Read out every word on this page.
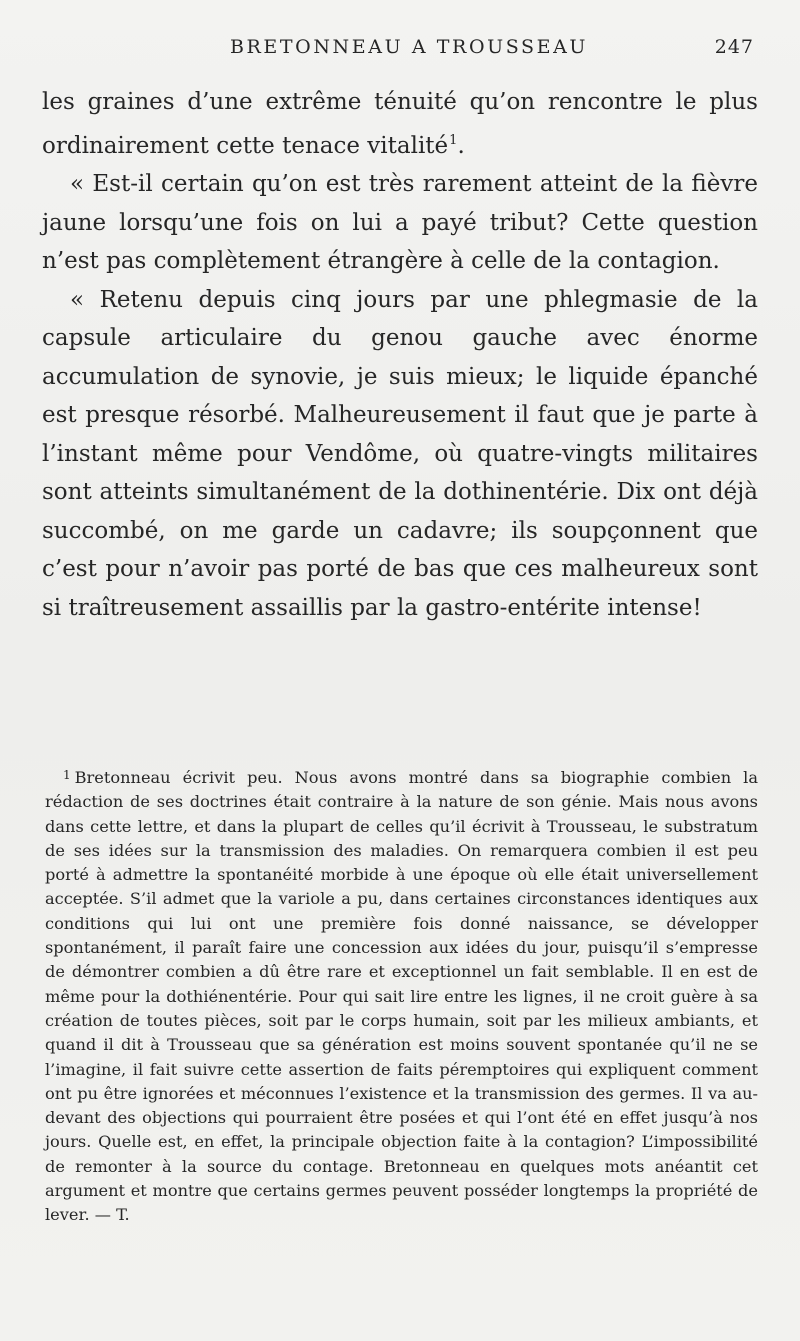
BRETONNEAU A TROUSSEAU	247

les graines d’une extrême ténuité qu’on rencontre le plus ordinairement cette tenace vitalité$^1$.

« Est-il certain qu’on est très rarement atteint de la fièvre jaune lorsqu’une fois on lui a payé tribut? Cette question n’est pas complètement étrangère à celle de la contagion.

« Retenu depuis cinq jours par une phlegmasie de la capsule articulaire du genou gauche avec énorme accumulation de synovie, je suis mieux; le liquide épanché est presque résorbé. Malheureusement il faut que je parte à l’instant même pour Vendôme, où quatre-vingts militaires sont atteints simultanément de la dothinentérie. Dix ont déjà succombé, on me garde un cadavre; ils soupçonnent que c’est pour n’avoir pas porté de bas que ces malheureux sont si traîtreusement assaillis par la gastro-entérite intense!

$^1$ Bretonneau écrivit peu. Nous avons montré dans sa biographie combien la rédaction de ses doctrines était contraire à la nature de son génie. Mais nous avons dans cette lettre, et dans la plupart de celles qu’il écrivit à Trousseau, le substratum de ses idées sur la transmission des maladies. On remarquera combien il est peu porté à admettre la spontanéité morbide à une époque où elle était universellement acceptée. S’il admet que la variole a pu, dans certaines circonstances identiques aux conditions qui lui ont une première fois donné naissance, se développer spontanément, il paraît faire une concession aux idées du jour, puisqu’il s’empresse de démontrer combien a dû être rare et exceptionnel un fait semblable. Il en est de même pour la dothiénentérie. Pour qui sait lire entre les lignes, il ne croit guère à sa création de toutes pièces, soit par le corps humain, soit par les milieux ambiants, et quand il dit à Trousseau que sa génération est moins souvent spontanée qu’il ne se l’imagine, il fait suivre cette assertion de faits péremptoires qui expliquent comment ont pu être ignorées et méconnues l’existence et la transmission des germes. Il va au-devant des objections qui pourraient être posées et qui l’ont été en effet jusqu’à nos jours. Quelle est, en effet, la principale objection faite à la contagion? L’impossibilité de remonter à la source du contage. Bretonneau en quelques mots anéantit cet argument et montre que certains germes peuvent posséder longtemps la propriété de lever. — T.
